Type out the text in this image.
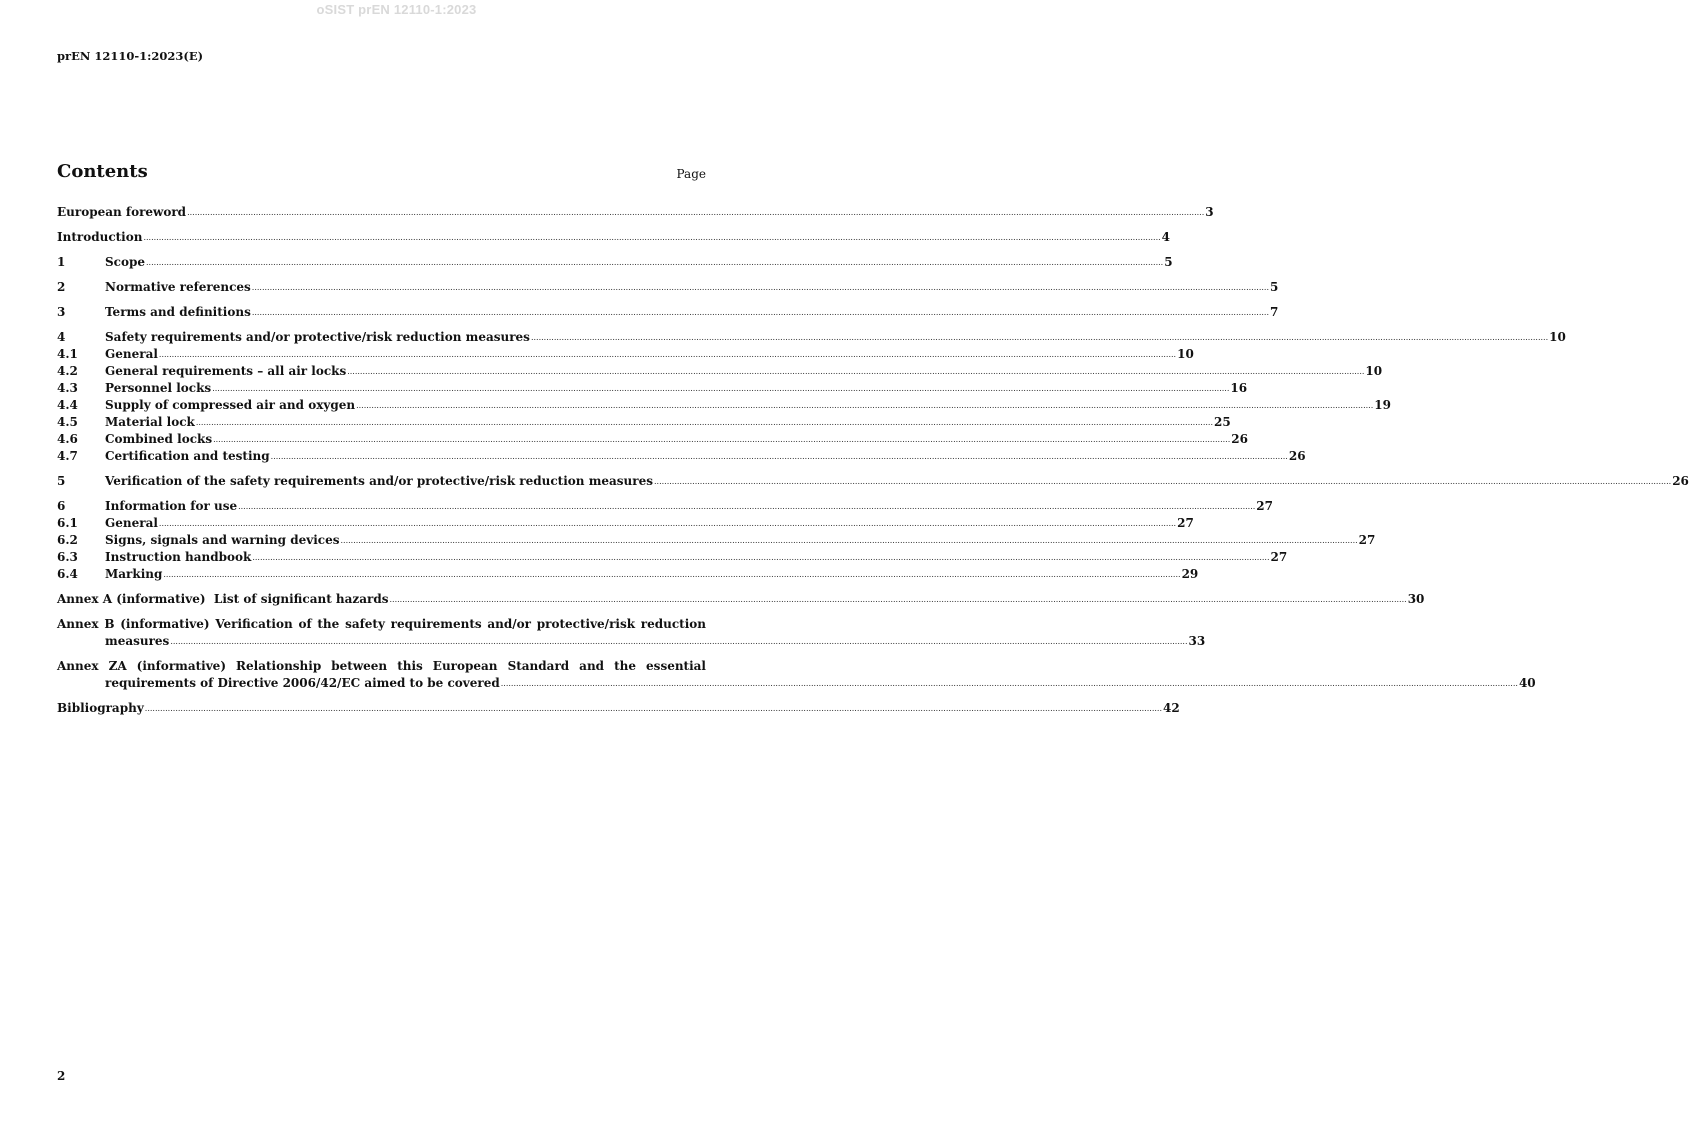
oSIST prEN 12110-1:2023
prEN 12110-1:2023(E)
Contents	Page
European foreword ................................................................................................................................................................................................................................................................................................................................................................................................................ 3
Introduction ................................................................................................................................................................................................................................................................................................................................................................................................................ 4
1	Scope ................................................................................................................................................................................................................................................................................................................................................................................................................ 5
2	Normative references ................................................................................................................................................................................................................................................................................................................................................................................................................ 5
3	Terms and definitions ................................................................................................................................................................................................................................................................................................................................................................................................................ 7
4	Safety requirements and/or protective/risk reduction measures ................................................................................................................................................................................................................................................................................................................................................................................................................ 10
4.1	General ................................................................................................................................................................................................................................................................................................................................................................................................................ 10
4.2	General requirements – all air locks ................................................................................................................................................................................................................................................................................................................................................................................................................ 10
4.3	Personnel locks ................................................................................................................................................................................................................................................................................................................................................................................................................ 16
4.4	Supply of compressed air and oxygen ................................................................................................................................................................................................................................................................................................................................................................................................................ 19
4.5	Material lock ................................................................................................................................................................................................................................................................................................................................................................................................................ 25
4.6	Combined locks ................................................................................................................................................................................................................................................................................................................................................................................................................ 26
4.7	Certification and testing ................................................................................................................................................................................................................................................................................................................................................................................................................ 26
5	Verification of the safety requirements and/or protective/risk reduction measures ................................................................................................................................................................................................................................................................................................................................................................................................................ 26
6	Information for use ................................................................................................................................................................................................................................................................................................................................................................................................................ 27
6.1	General ................................................................................................................................................................................................................................................................................................................................................................................................................ 27
6.2	Signs, signals and warning devices ................................................................................................................................................................................................................................................................................................................................................................................................................ 27
6.3	Instruction handbook ................................................................................................................................................................................................................................................................................................................................................................................................................ 27
6.4	Marking ................................................................................................................................................................................................................................................................................................................................................................................................................ 29
Annex A (informative)  List of significant hazards ................................................................................................................................................................................................................................................................................................................................................................................................................ 30
Annex B (informative) Verification of the safety requirements and/or protective/risk reduction
measures ................................................................................................................................................................................................................................................................................................................................................................................................................ 33
Annex ZA (informative) Relationship between this European Standard and the essential
requirements of Directive 2006/42/EC aimed to be covered ................................................................................................................................................................................................................................................................................................................................................................................................................ 40
Bibliography ................................................................................................................................................................................................................................................................................................................................................................................................................ 42
2
